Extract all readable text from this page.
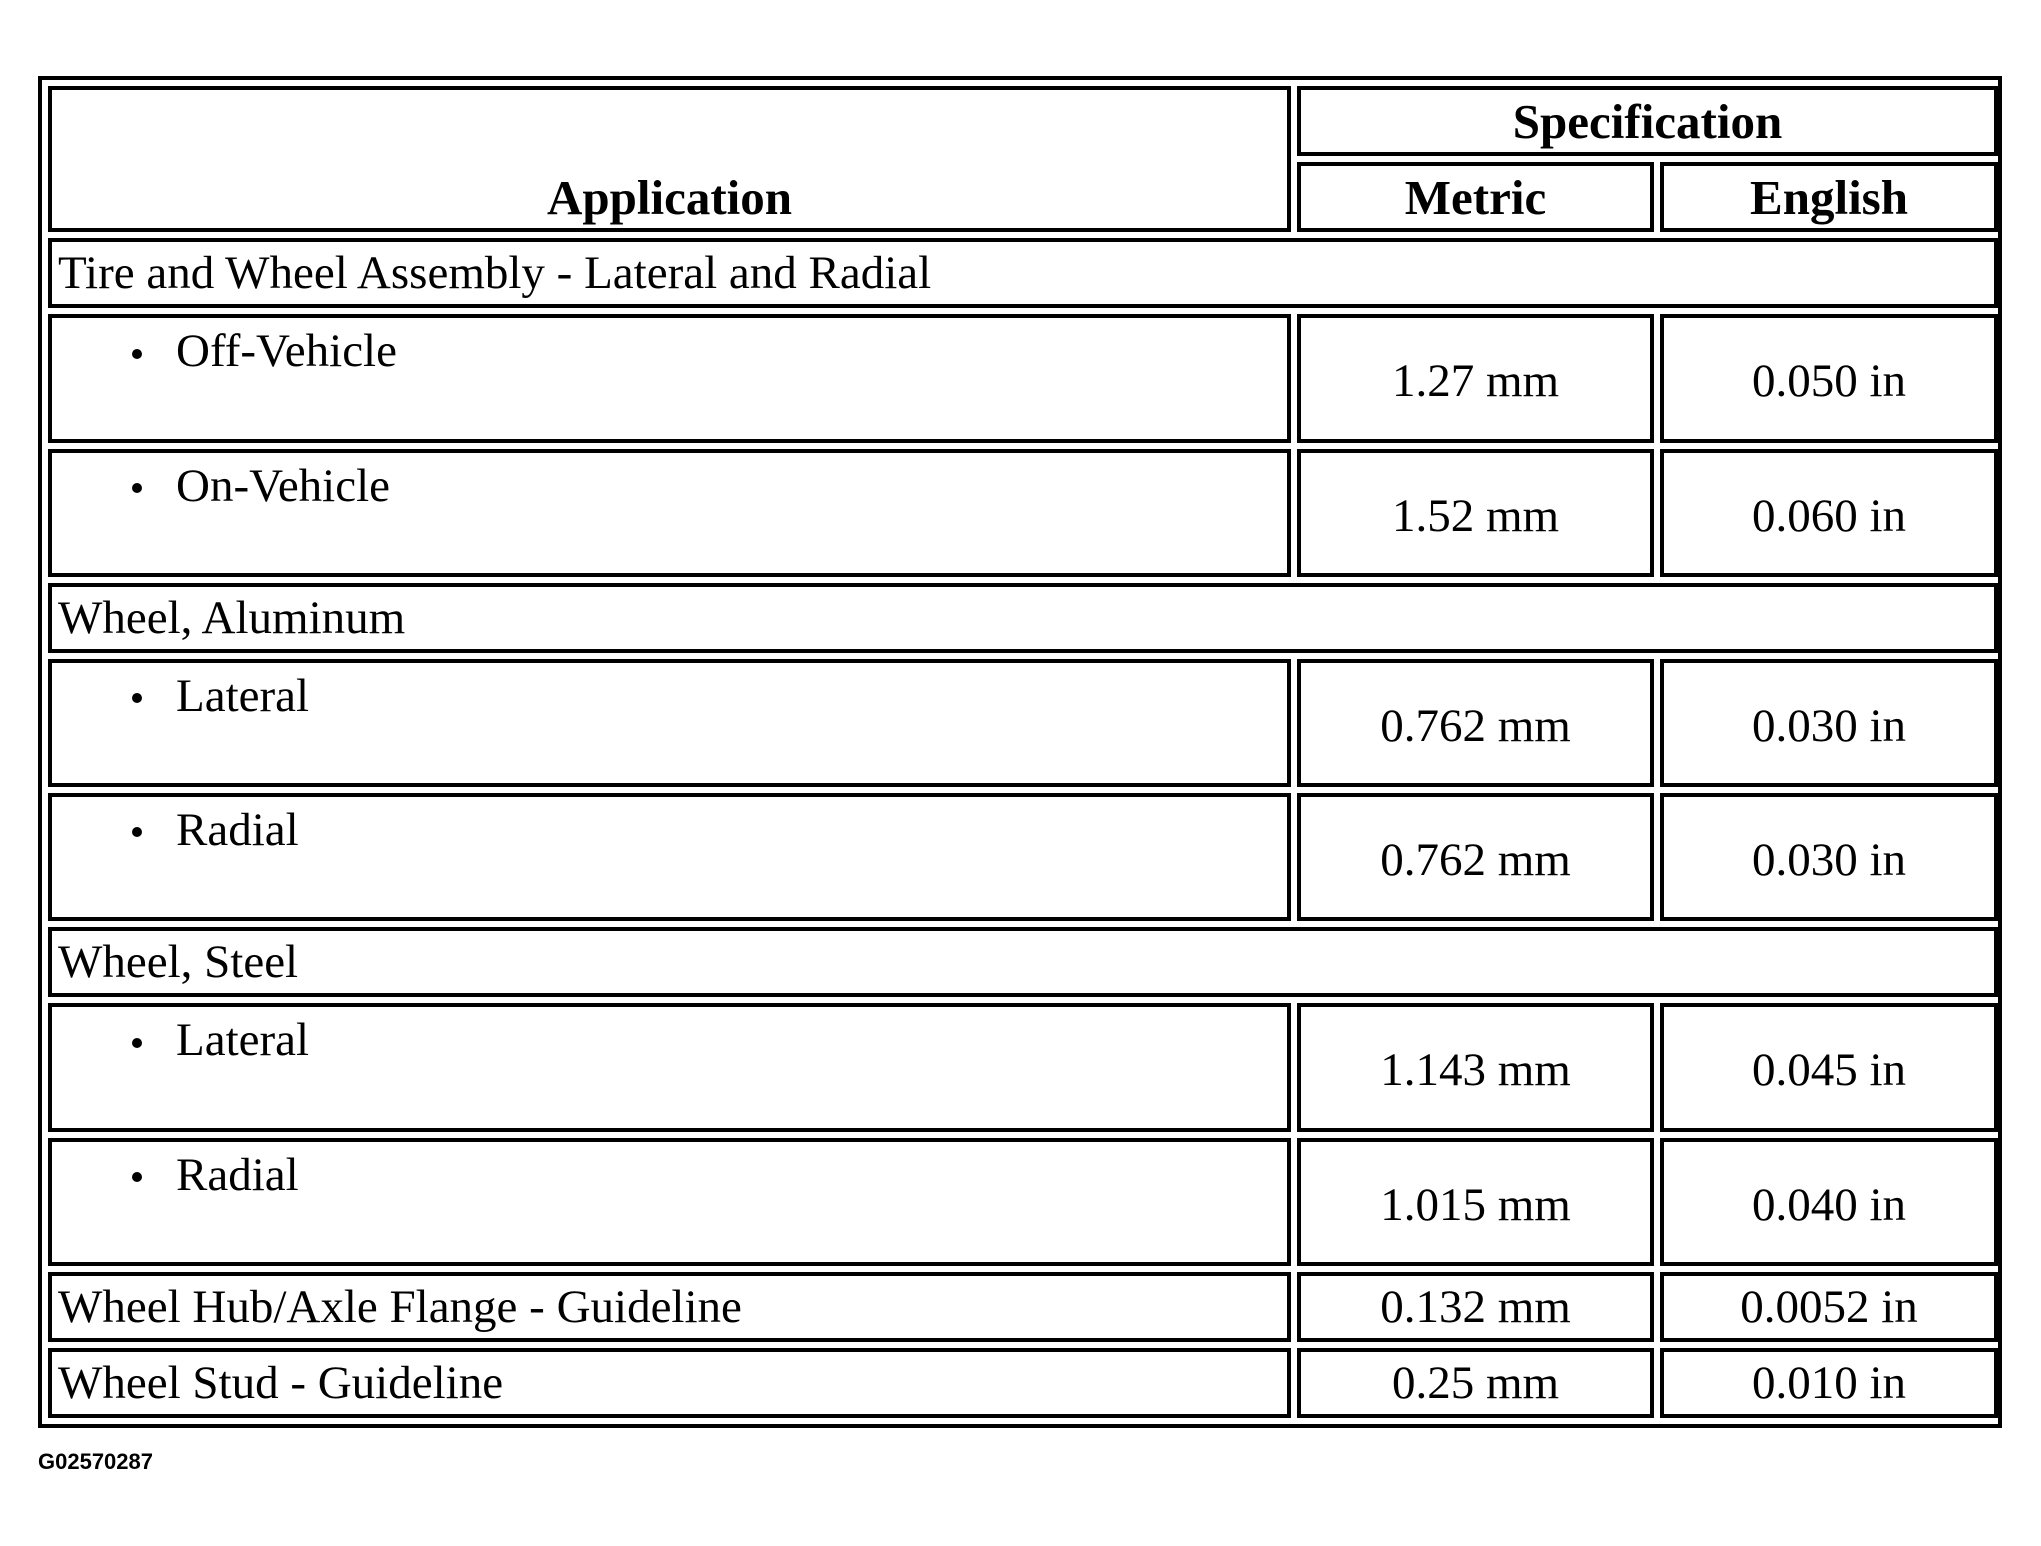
Application	Specification	
	Metric	English
Tire and Wheel Assembly - Lateral and Radial		
Off-Vehicle	1.27 mm	0.050 in
On-Vehicle	1.52 mm	0.060 in
Wheel, Aluminum		
Lateral	0.762 mm	0.030 in
Radial	0.762 mm	0.030 in
Wheel, Steel		
Lateral	1.143 mm	0.045 in
Radial	1.015 mm	0.040 in
Wheel Hub/Axle Flange - Guideline	0.132 mm	0.0052 in
Wheel Stud - Guideline	0.25 mm	0.010 in
G02570287
